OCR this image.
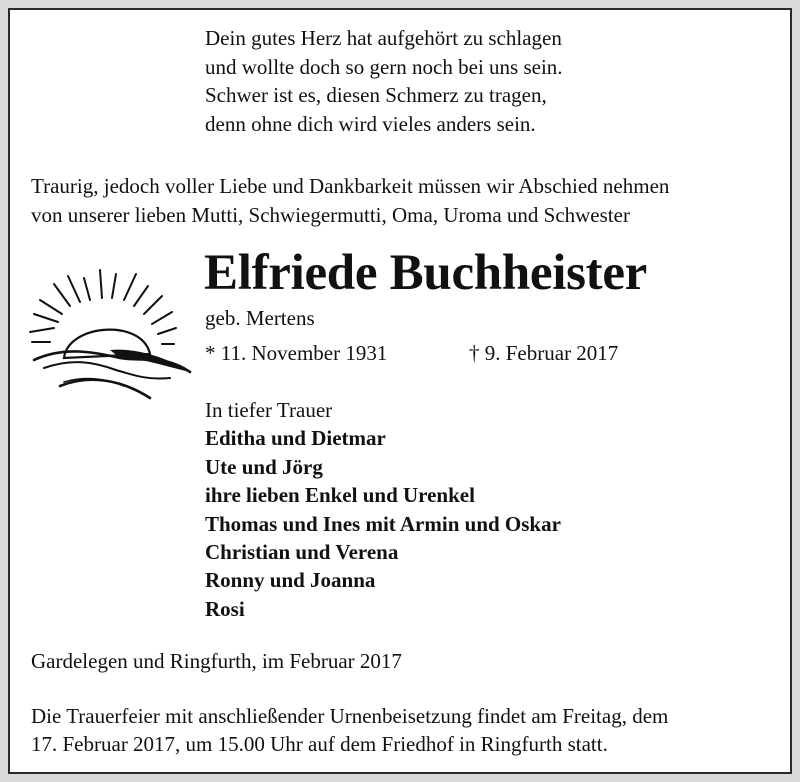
Dein gutes Herz hat aufgehört zu schlagen
und wollte doch so gern noch bei uns sein.
Schwer ist es, diesen Schmerz zu tragen,
denn ohne dich wird vieles anders sein.
Traurig, jedoch voller Liebe und Dankbarkeit müssen wir Abschied nehmen
von unserer lieben Mutti, Schwiegermutti, Oma, Uroma und Schwester
Elfriede Buchheister
geb. Mertens
* 11. November 1931	† 9. Februar 2017
In tiefer Trauer
Editha und Dietmar
Ute und Jörg
ihre lieben Enkel und Urenkel
Thomas und Ines mit Armin und Oskar
Christian und Verena
Ronny und Joanna
Rosi
Gardelegen und Ringfurth, im Februar 2017
Die Trauerfeier mit anschließender Urnenbeisetzung findet am Freitag, dem
17. Februar 2017, um 15.00 Uhr auf dem Friedhof in Ringfurth statt.
